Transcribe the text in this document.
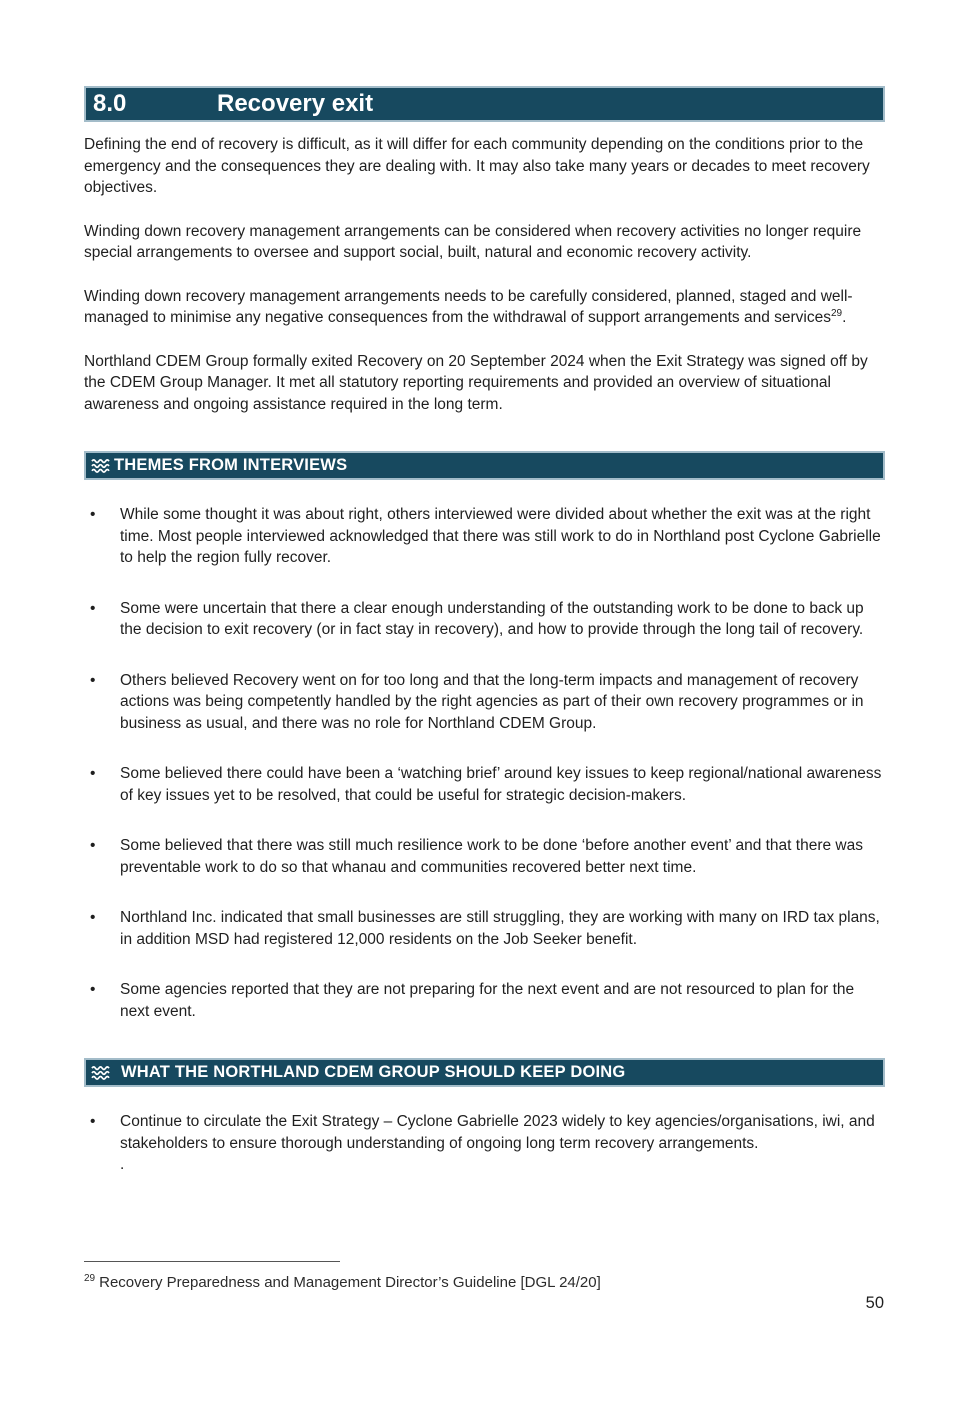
8.0	Recovery exit

Defining the end of recovery is difficult, as it will differ for each community depending on the conditions prior to the emergency and the consequences they are dealing with. It may also take many years or decades to meet recovery objectives.

Winding down recovery management arrangements can be considered when recovery activities no longer require special arrangements to oversee and support social, built, natural and economic recovery activity.

Winding down recovery management arrangements needs to be carefully considered, planned, staged and well-managed to minimise any negative consequences from the withdrawal of support arrangements and services$^{29}$.

Northland CDEM Group formally exited Recovery on 20 September 2024 when the Exit Strategy was signed off by the CDEM Group Manager. It met all statutory reporting requirements and provided an overview of situational awareness and ongoing assistance required in the long term.

THEMES FROM INTERVIEWS
• While some thought it was about right, others interviewed were divided about whether the exit was at the right time. Most people interviewed acknowledged that there was still work to do in Northland post Cyclone Gabrielle to help the region fully recover.
• Some were uncertain that there a clear enough understanding of the outstanding work to be done to back up the decision to exit recovery (or in fact stay in recovery), and how to provide through the long tail of recovery.
• Others believed Recovery went on for too long and that the long-term impacts and management of recovery actions was being competently handled by the right agencies as part of their own recovery programmes or in business as usual, and there was no role for Northland CDEM Group.
• Some believed there could have been a ‘watching brief’ around key issues to keep regional/national awareness of key issues yet to be resolved, that could be useful for strategic decision-makers.
• Some believed that there was still much resilience work to be done ‘before another event’ and that there was preventable work to do so that whanau and communities recovered better next time.
• Northland Inc. indicated that small businesses are still struggling, they are working with many on IRD tax plans, in addition MSD had registered 12,000 residents on the Job Seeker benefit.
• Some agencies reported that they are not preparing for the next event and are not resourced to plan for the next event.
WHAT THE NORTHLAND CDEM GROUP SHOULD KEEP DOING
• Continue to circulate the Exit Strategy – Cyclone Gabrielle 2023 widely to key agencies/organisations, iwi, and stakeholders to ensure thorough understanding of ongoing long term recovery arrangements.
.
$^{29}$ Recovery Preparedness and Management Director’s Guideline [DGL 24/20]
50
